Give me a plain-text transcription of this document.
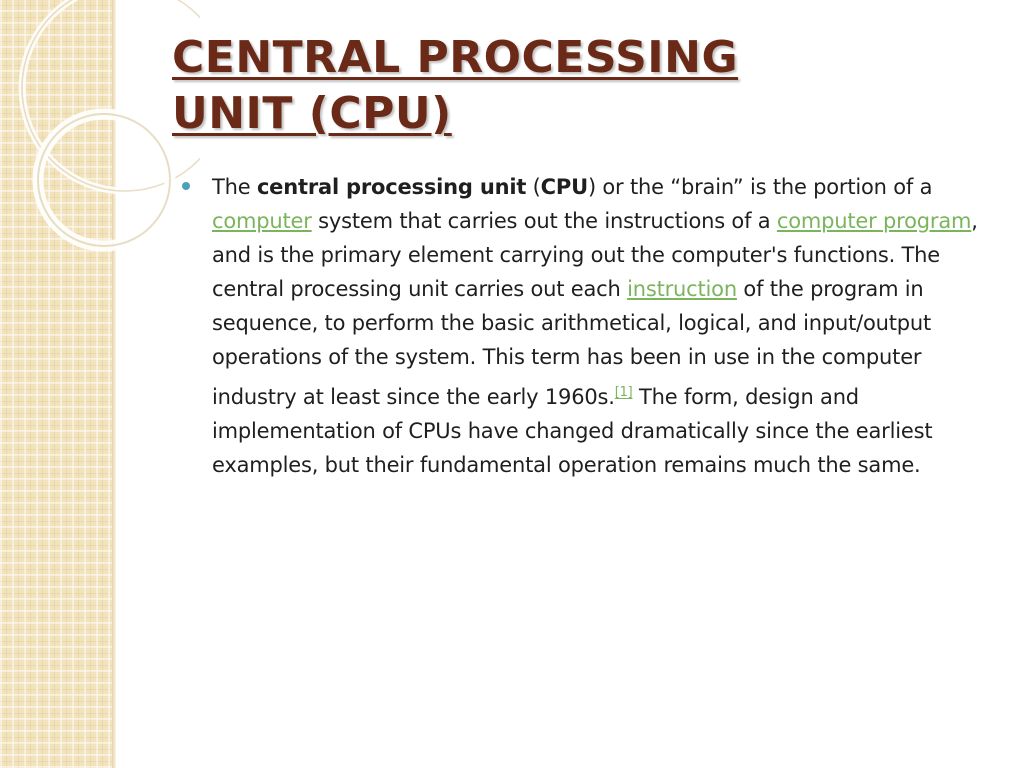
CENTRAL PROCESSING
UNIT (CPU)

The central processing unit (CPU) or the “brain” is the portion of a computer system that carries out the instructions of a computer program, and is the primary element carrying out the computer's functions. The central processing unit carries out each instruction of the program in sequence, to perform the basic arithmetical, logical, and input/output operations of the system. This term has been in use in the computer industry at least since the early 1960s.[1] The form, design and implementation of CPUs have changed dramatically since the earliest examples, but their fundamental operation remains much the same.
